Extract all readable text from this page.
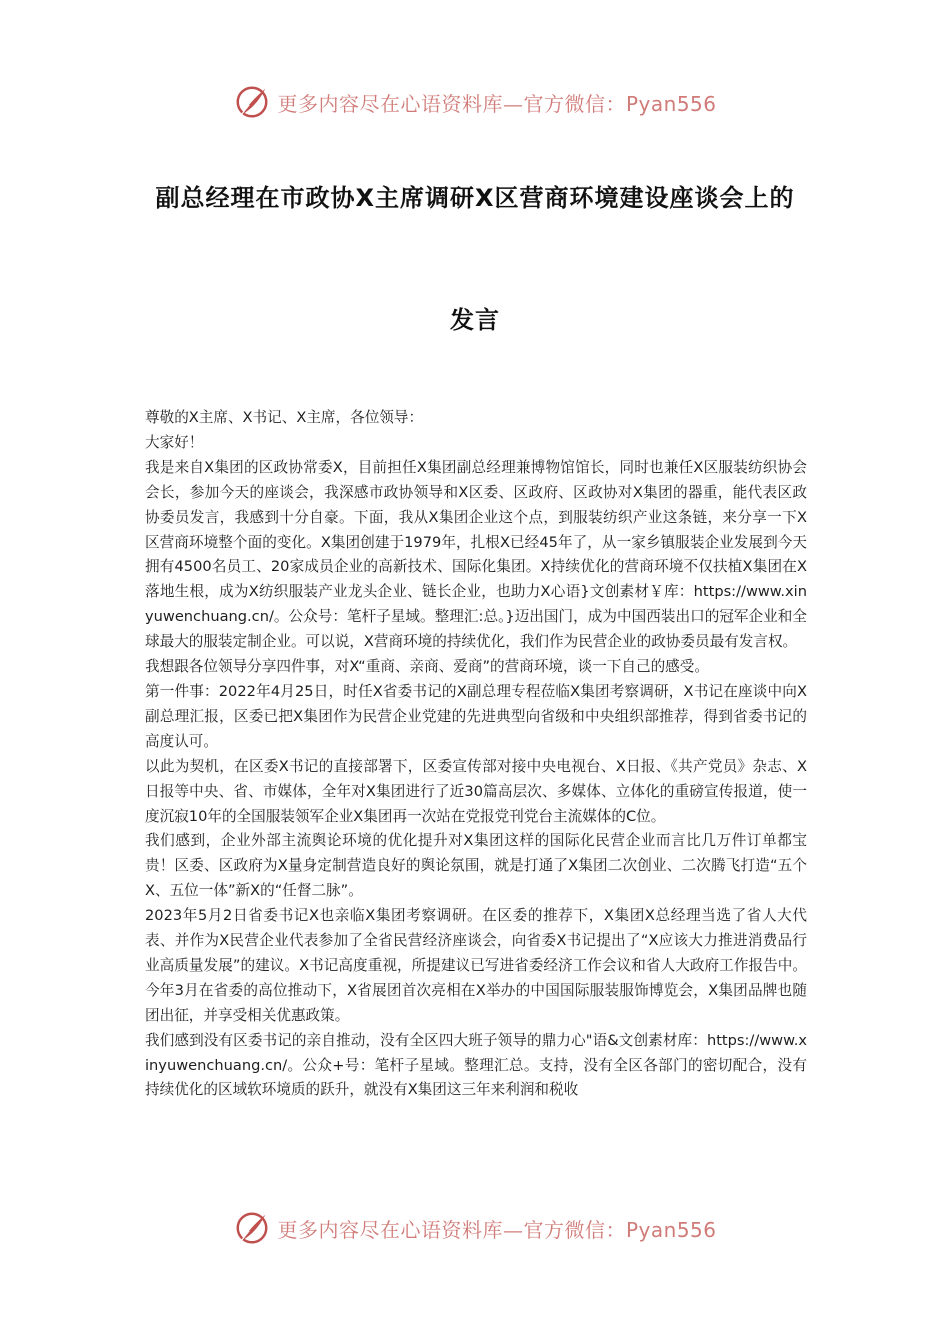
更多内容尽在心语资料库—官方微信：Pyan556
副总经理在市政协X主席调研X区营商环境建设座谈会上的
发言

尊敬的X主席、X书记、X主席，各位领导：

大家好！

我是来自X集团的区政协常委X，目前担任X集团副总经理兼博物馆馆长，同时也兼任X区服装纺织协会会长，参加今天的座谈会，我深感市政协领导和X区委、区政府、区政协对X集团的器重，能代表区政协委员发言，我感到十分自豪。下面，我从X集团企业这个点，到服装纺织产业这条链，来分享一下X区营商环境整个面的变化。X集团创建于1979年，扎根X已经45年了，从一家乡镇服装企业发展到今天拥有4500名员工、20家成员企业的高新技术、国际化集团。X持续优化的营商环境不仅扶植X集团在X落地生根，成为X纺织服装产业龙头企业、链长企业，也助力X心语}文创素材￥库：https://www.xinyuwenchuang.cn/。公众号：笔杆子星域。整理汇:总。}迈出国门，成为中国西装出口的冠军企业和全球最大的服装定制企业。可以说，X营商环境的持续优化，我们作为民营企业的政协委员最有发言权。

我想跟各位领导分享四件事，对X“重商、亲商、爱商”的营商环境，谈一下自己的感受。

第一件事：2022年4月25日，时任X省委书记的X副总理专程莅临X集团考察调研，X书记在座谈中向X副总理汇报，区委已把X集团作为民营企业党建的先进典型向省级和中央组织部推荐，得到省委书记的高度认可。

以此为契机，在区委X书记的直接部署下，区委宣传部对接中央电视台、X日报、《共产党员》杂志、X日报等中央、省、市媒体，全年对X集团进行了近30篇高层次、多媒体、立体化的重磅宣传报道，使一度沉寂10年的全国服装领军企业X集团再一次站在党报党刊党台主流媒体的C位。

我们感到，企业外部主流舆论环境的优化提升对X集团这样的国际化民营企业而言比几万件订单都宝贵！区委、区政府为X量身定制营造良好的舆论氛围，就是打通了X集团二次创业、二次腾飞打造“五个X、五位一体”新X的“任督二脉”。

2023年5月2日省委书记X也亲临X集团考察调研。在区委的推荐下，X集团X总经理当选了省人大代表、并作为X民营企业代表参加了全省民营经济座谈会，向省委X书记提出了“X应该大力推进消费品行业高质量发展”的建议。X书记高度重视，所提建议已写进省委经济工作会议和省人大政府工作报告中。今年3月在省委的高位推动下，X省展团首次亮相在X举办的中国国际服装服饰博览会，X集团品牌也随团出征，并享受相关优惠政策。

我们感到没有区委书记的亲自推动，没有全区四大班子领导的鼎力心"语&文创素材库：https://www.xinyuwenchuang.cn/。公众+号：笔杆子星域。整理汇总。支持，没有全区各部门的密切配合，没有持续优化的区域软环境质的跃升，就没有X集团这三年来利润和税收

更多内容尽在心语资料库—官方微信：Pyan556
